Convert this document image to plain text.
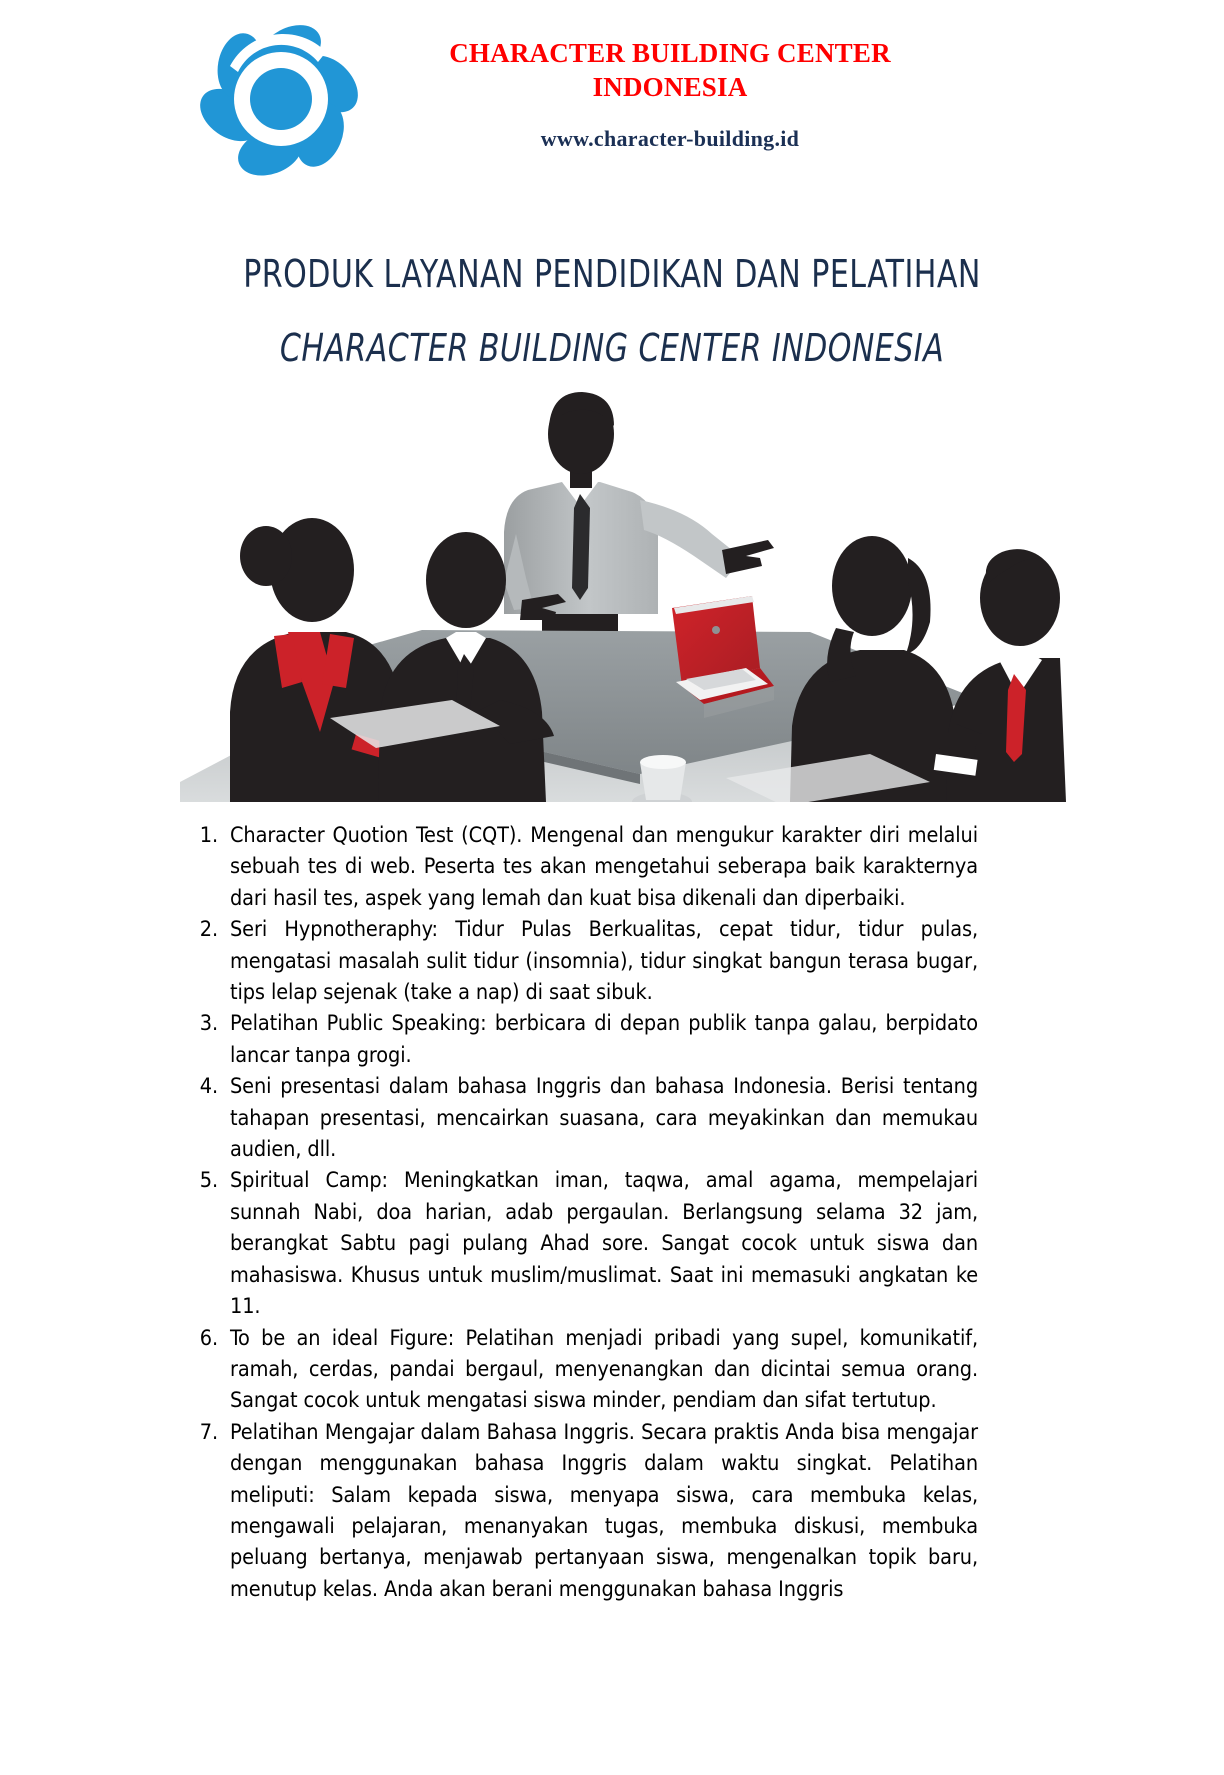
CHARACTER BUILDING CENTER
INDONESIA
www.character-building.id
PRODUK LAYANAN PENDIDIKAN DAN PELATIHAN
CHARACTER BUILDING CENTER INDONESIA
1. Character Quotion Test (CQT). Mengenal dan mengukur karakter diri melalui sebuah tes di web. Peserta tes akan mengetahui seberapa baik karakternya dari hasil tes, aspek yang lemah dan kuat bisa dikenali dan diperbaiki.
2. Seri Hypnotheraphy: Tidur Pulas Berkualitas, cepat tidur, tidur pulas, mengatasi masalah sulit tidur (insomnia), tidur singkat bangun terasa bugar, tips lelap sejenak (take a nap) di saat sibuk.
3. Pelatihan Public Speaking: berbicara di depan publik tanpa galau, berpidato lancar tanpa grogi.
4. Seni presentasi dalam bahasa Inggris dan bahasa Indonesia. Berisi tentang tahapan presentasi, mencairkan suasana, cara meyakinkan dan memukau audien, dll.
5. Spiritual Camp: Meningkatkan iman, taqwa, amal agama, mempelajari sunnah Nabi, doa harian, adab pergaulan. Berlangsung selama 32 jam, berangkat Sabtu pagi pulang Ahad sore. Sangat cocok untuk siswa dan mahasiswa. Khusus untuk muslim/muslimat. Saat ini memasuki angkatan ke 11.
6. To be an ideal Figure: Pelatihan menjadi pribadi yang supel, komunikatif, ramah, cerdas, pandai bergaul, menyenangkan dan dicintai semua orang. Sangat cocok untuk mengatasi siswa minder, pendiam dan sifat tertutup.
7. Pelatihan Mengajar dalam Bahasa Inggris. Secara praktis Anda bisa mengajar dengan menggunakan bahasa Inggris dalam waktu singkat. Pelatihan meliputi: Salam kepada siswa, menyapa siswa, cara membuka kelas, mengawali pelajaran, menanyakan tugas, membuka diskusi, membuka peluang bertanya, menjawab pertanyaan siswa, mengenalkan topik baru, menutup kelas. Anda akan berani menggunakan bahasa Inggris
